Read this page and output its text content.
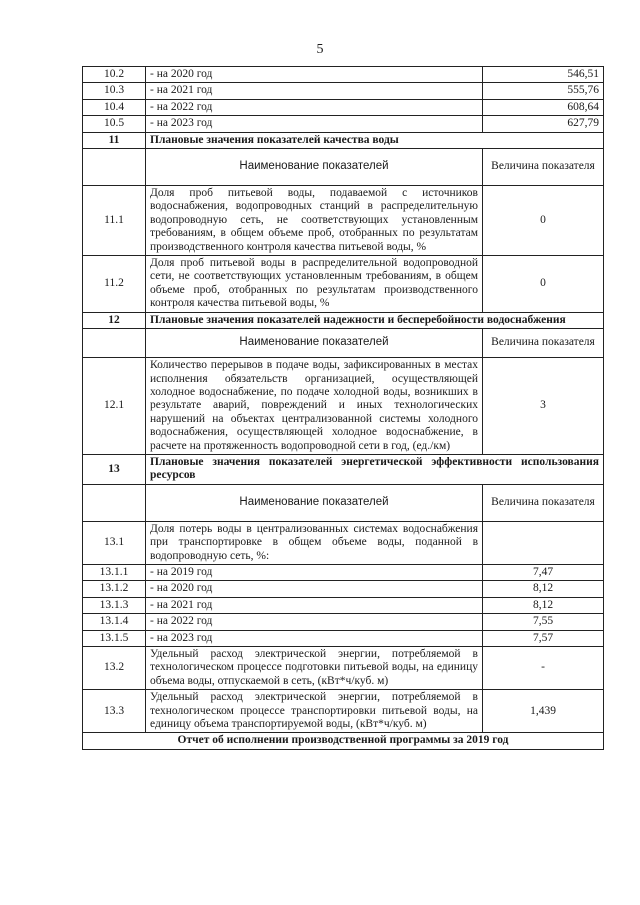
5
10.2	- на 2020 год	546,51
10.3	- на 2021 год	555,76
10.4	- на 2022 год	608,64
10.5	- на 2023 год	627,79
11	Плановые значения показателей качества воды	
	Наименование показателей	Величина показателя
11.1	Доля проб питьевой воды, подаваемой с источников водоснабжения, водопроводных станций в распределительную водопроводную сеть, не соответствующих установленным требованиям, в общем объеме проб, отобранных по результатам производственного контроля качества питьевой воды, %	0
11.2	Доля проб питьевой воды в распределительной водопроводной сети, не соответствующих установленным требованиям, в общем объеме проб, отобранных по результатам производственного контроля качества питьевой воды, %	0
12	Плановые значения показателей надежности и бесперебойности водоснабжения	
	Наименование показателей	Величина показателя
12.1	Количество перерывов в подаче воды, зафиксированных в местах исполнения обязательств организацией, осуществляющей холодное водоснабжение, по подаче холодной воды, возникших в результате аварий, повреждений и иных технологических нарушений на объектах централизованной системы холодного водоснабжения, осуществляющей холодное водоснабжение, в расчете на протяженность водопроводной сети в год, (ед./км)	3
13	Плановые значения показателей энергетической эффективности использования ресурсов	
	Наименование показателей	Величина показателя
13.1	Доля потерь воды в централизованных системах водоснабжения при транспортировке в общем объеме воды, поданной в водопроводную сеть, %:	
13.1.1	- на 2019 год	7,47
13.1.2	- на 2020 год	8,12
13.1.3	- на 2021 год	8,12
13.1.4	- на 2022 год	7,55
13.1.5	- на 2023 год	7,57
13.2	Удельный расход электрической энергии, потребляемой в технологическом процессе подготовки питьевой воды, на единицу объема воды, отпускаемой в сеть, (кВт*ч/куб. м)	-
13.3	Удельный расход электрической энергии, потребляемой в технологическом процессе транспортировки питьевой воды, на единицу объема транспортируемой воды, (кВт*ч/куб. м)	1,439
Отчет об исполнении производственной программы за 2019 год		
